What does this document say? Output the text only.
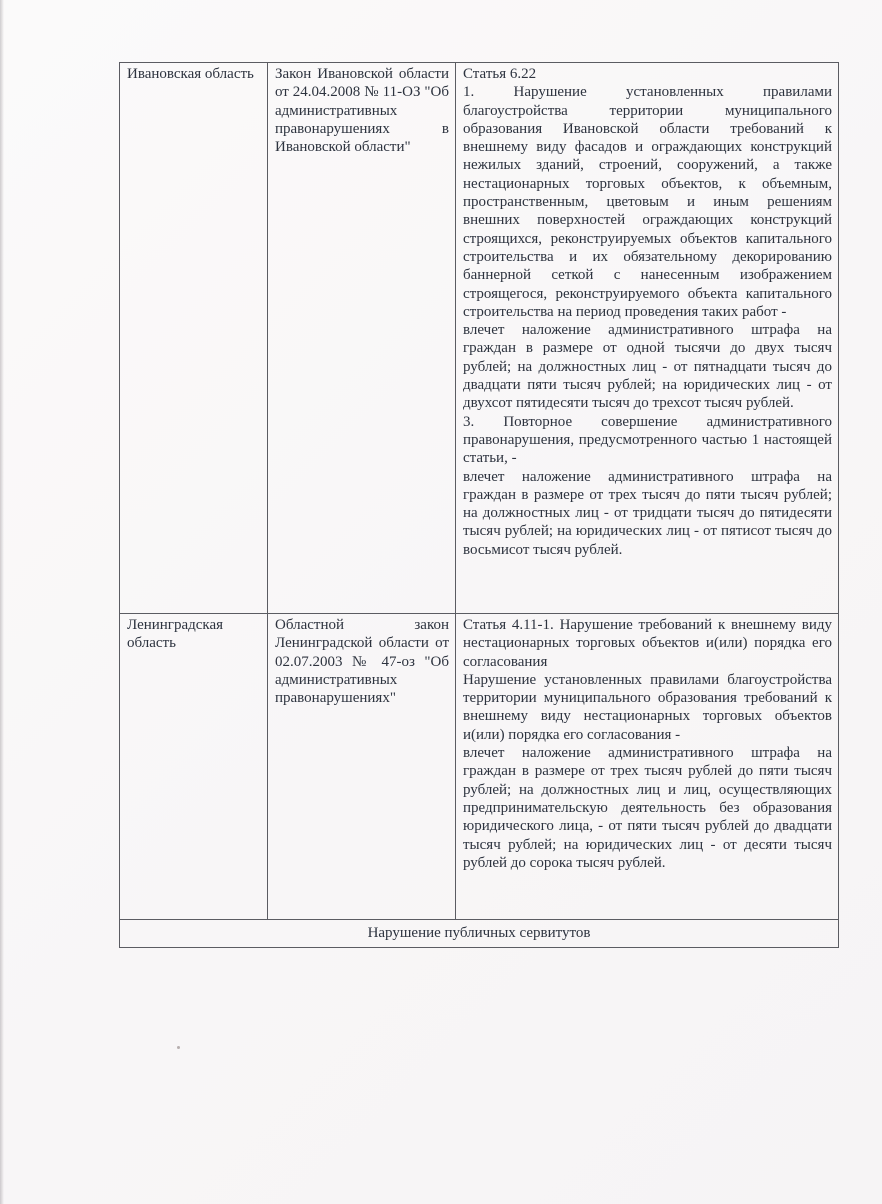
Ивановская область	Закон Ивановской области от 24.04.2008 № 11-ОЗ "Об административных правонарушениях в Ивановской области"	Статья 6.22

1. Нарушение установленных правилами благоустройства территории муниципального образования Ивановской области требований к внешнему виду фасадов и ограждающих конструкций нежилых зданий, строений, сооружений, а также нестационарных торговых объектов, к объемным, пространственным, цветовым и иным решениям внешних поверхностей ограждающих конструкций строящихся, реконструируемых объектов капитального строительства и их обязательному декорированию баннерной сеткой с нанесенным изображением строящегося, реконструируемого объекта капитального строительства на период проведения таких работ -

влечет наложение административного штрафа на граждан в размере от одной тысячи до двух тысяч рублей; на должностных лиц - от пятнадцати тысяч до двадцати пяти тысяч рублей; на юридических лиц - от двухсот пятидесяти тысяч до трехсот тысяч рублей.

3. Повторное совершение административного правонарушения, предусмотренного частью 1 настоящей статьи, -

влечет наложение административного штрафа на граждан в размере от трех тысяч до пяти тысяч рублей; на должностных лиц - от тридцати тысяч до пятидесяти тысяч рублей; на юридических лиц - от пятисот тысяч до восьмисот тысяч рублей.

Ленинградская область	Областной закон Ленинградской области от 02.07.2003 № 47-оз "Об административных правонарушениях"	Статья 4.11-1. Нарушение требований к внешнему виду нестационарных торговых объектов и(или) порядка его согласования

Нарушение установленных правилами благоустройства территории муниципального образования требований к внешнему виду нестационарных торговых объектов и(или) порядка его согласования -

влечет наложение административного штрафа на граждан в размере от трех тысяч рублей до пяти тысяч рублей; на должностных лиц и лиц, осуществляющих предпринимательскую деятельность без образования юридического лица, - от пяти тысяч рублей до двадцати тысяч рублей; на юридических лиц - от десяти тысяч рублей до сорока тысяч рублей.

Нарушение публичных сервитутов		
